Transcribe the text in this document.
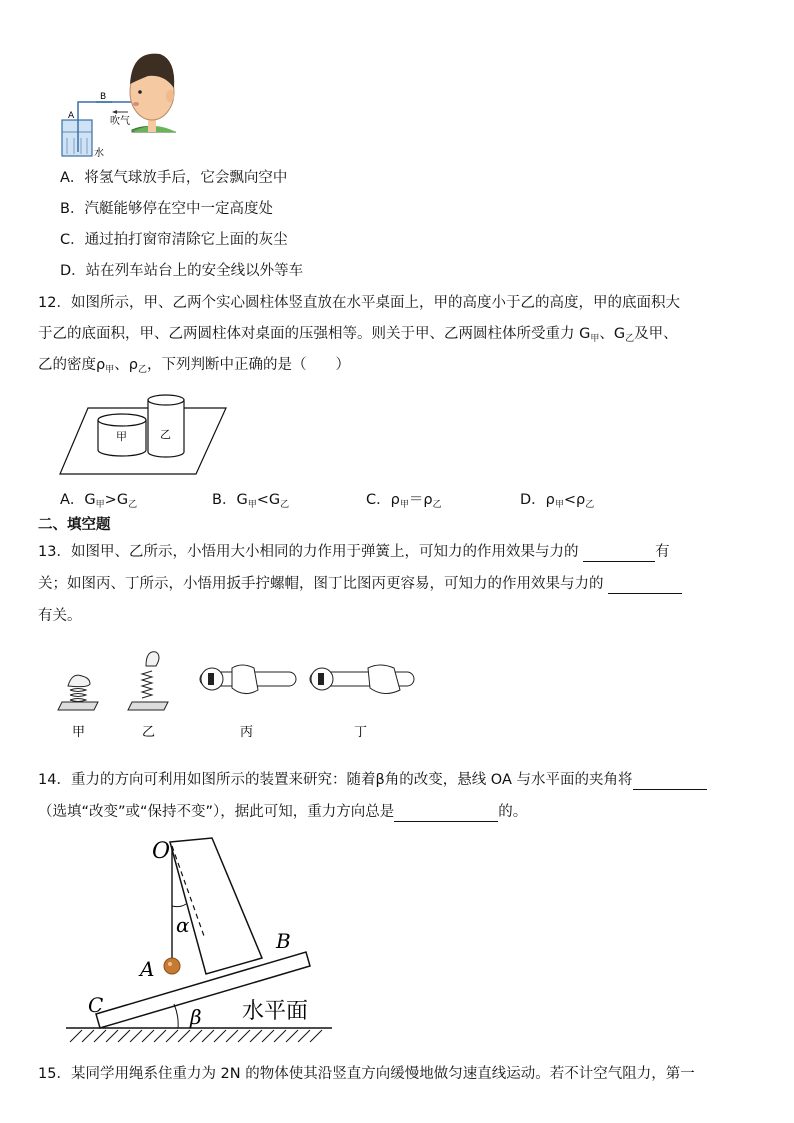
A
B
吹气
水
A．将氢气球放手后，它会飘向空中
B．汽艇能够停在空中一定高度处
C．通过拍打窗帘清除它上面的灰尘
D．站在列车站台上的安全线以外等车
12．如图所示，甲、乙两个实心圆柱体竖直放在水平桌面上，甲的高度小于乙的高度，甲的底面积大
于乙的底面积，甲、乙两圆柱体对桌面的压强相等。则关于甲、乙两圆柱体所受重力 $G_甲$、$G_乙$及甲、
乙的密度$\rho_甲$、$\rho_乙$，下列判断中正确的是（　　）
甲	乙
A．$G_甲>G_乙$	B．$G_甲<G_乙$	C．$\rho_甲=\rho_乙$	D．$\rho_甲<\rho_乙$
二、填空题
13．如图甲、乙所示，小悟用大小相同的力作用于弹簧上，可知力的作用效果与力的	有
关；如图丙、丁所示，小悟用扳手拧螺帽，图丁比图丙更容易，可知力的作用效果与力的
有关。
甲	乙	丙	丁
14．重力的方向可利用如图所示的装置来研究：随着β角的改变，悬线 OA 与水平面的夹角将
（选填“改变”或“保持不变”），据此可知，重力方向总是	的。
O
α
A
B
C	β 水平面
15．某同学用绳系住重力为 2N 的物体使其沿竖直方向缓慢地做匀速直线运动。若不计空气阻力，第一
